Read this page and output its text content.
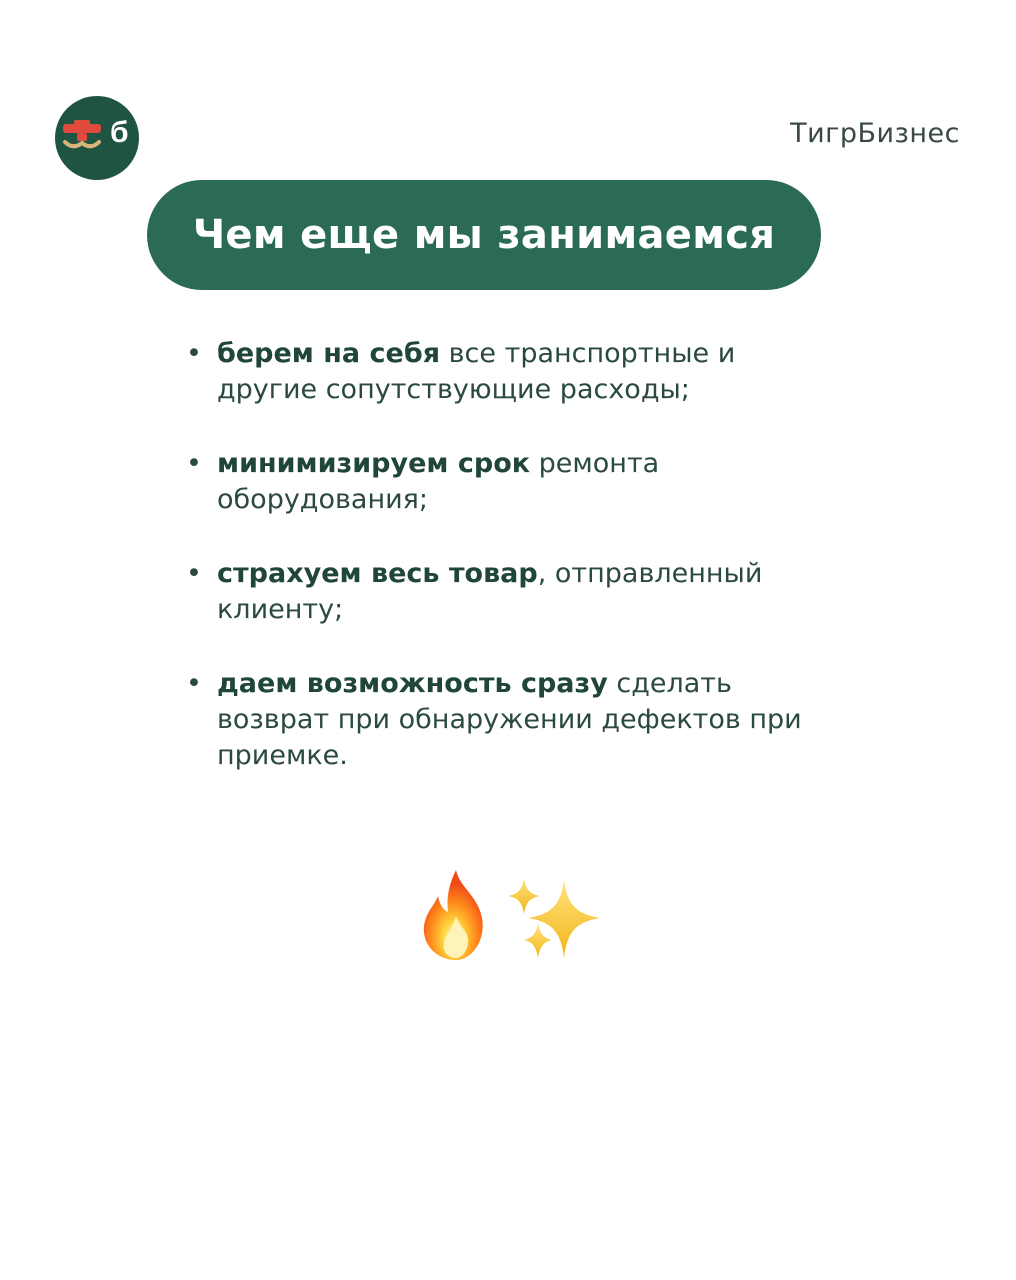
б	ТигрБизнес
Чем еще мы занимаемся
• берем на себя все транспортные и другие сопутствующие расходы;
• минимизируем срок ремонта оборудования;
• страхуем весь товар, отправленный клиенту;
• даем возможность сразу сделать возврат при обнаружении дефектов при приемке.
